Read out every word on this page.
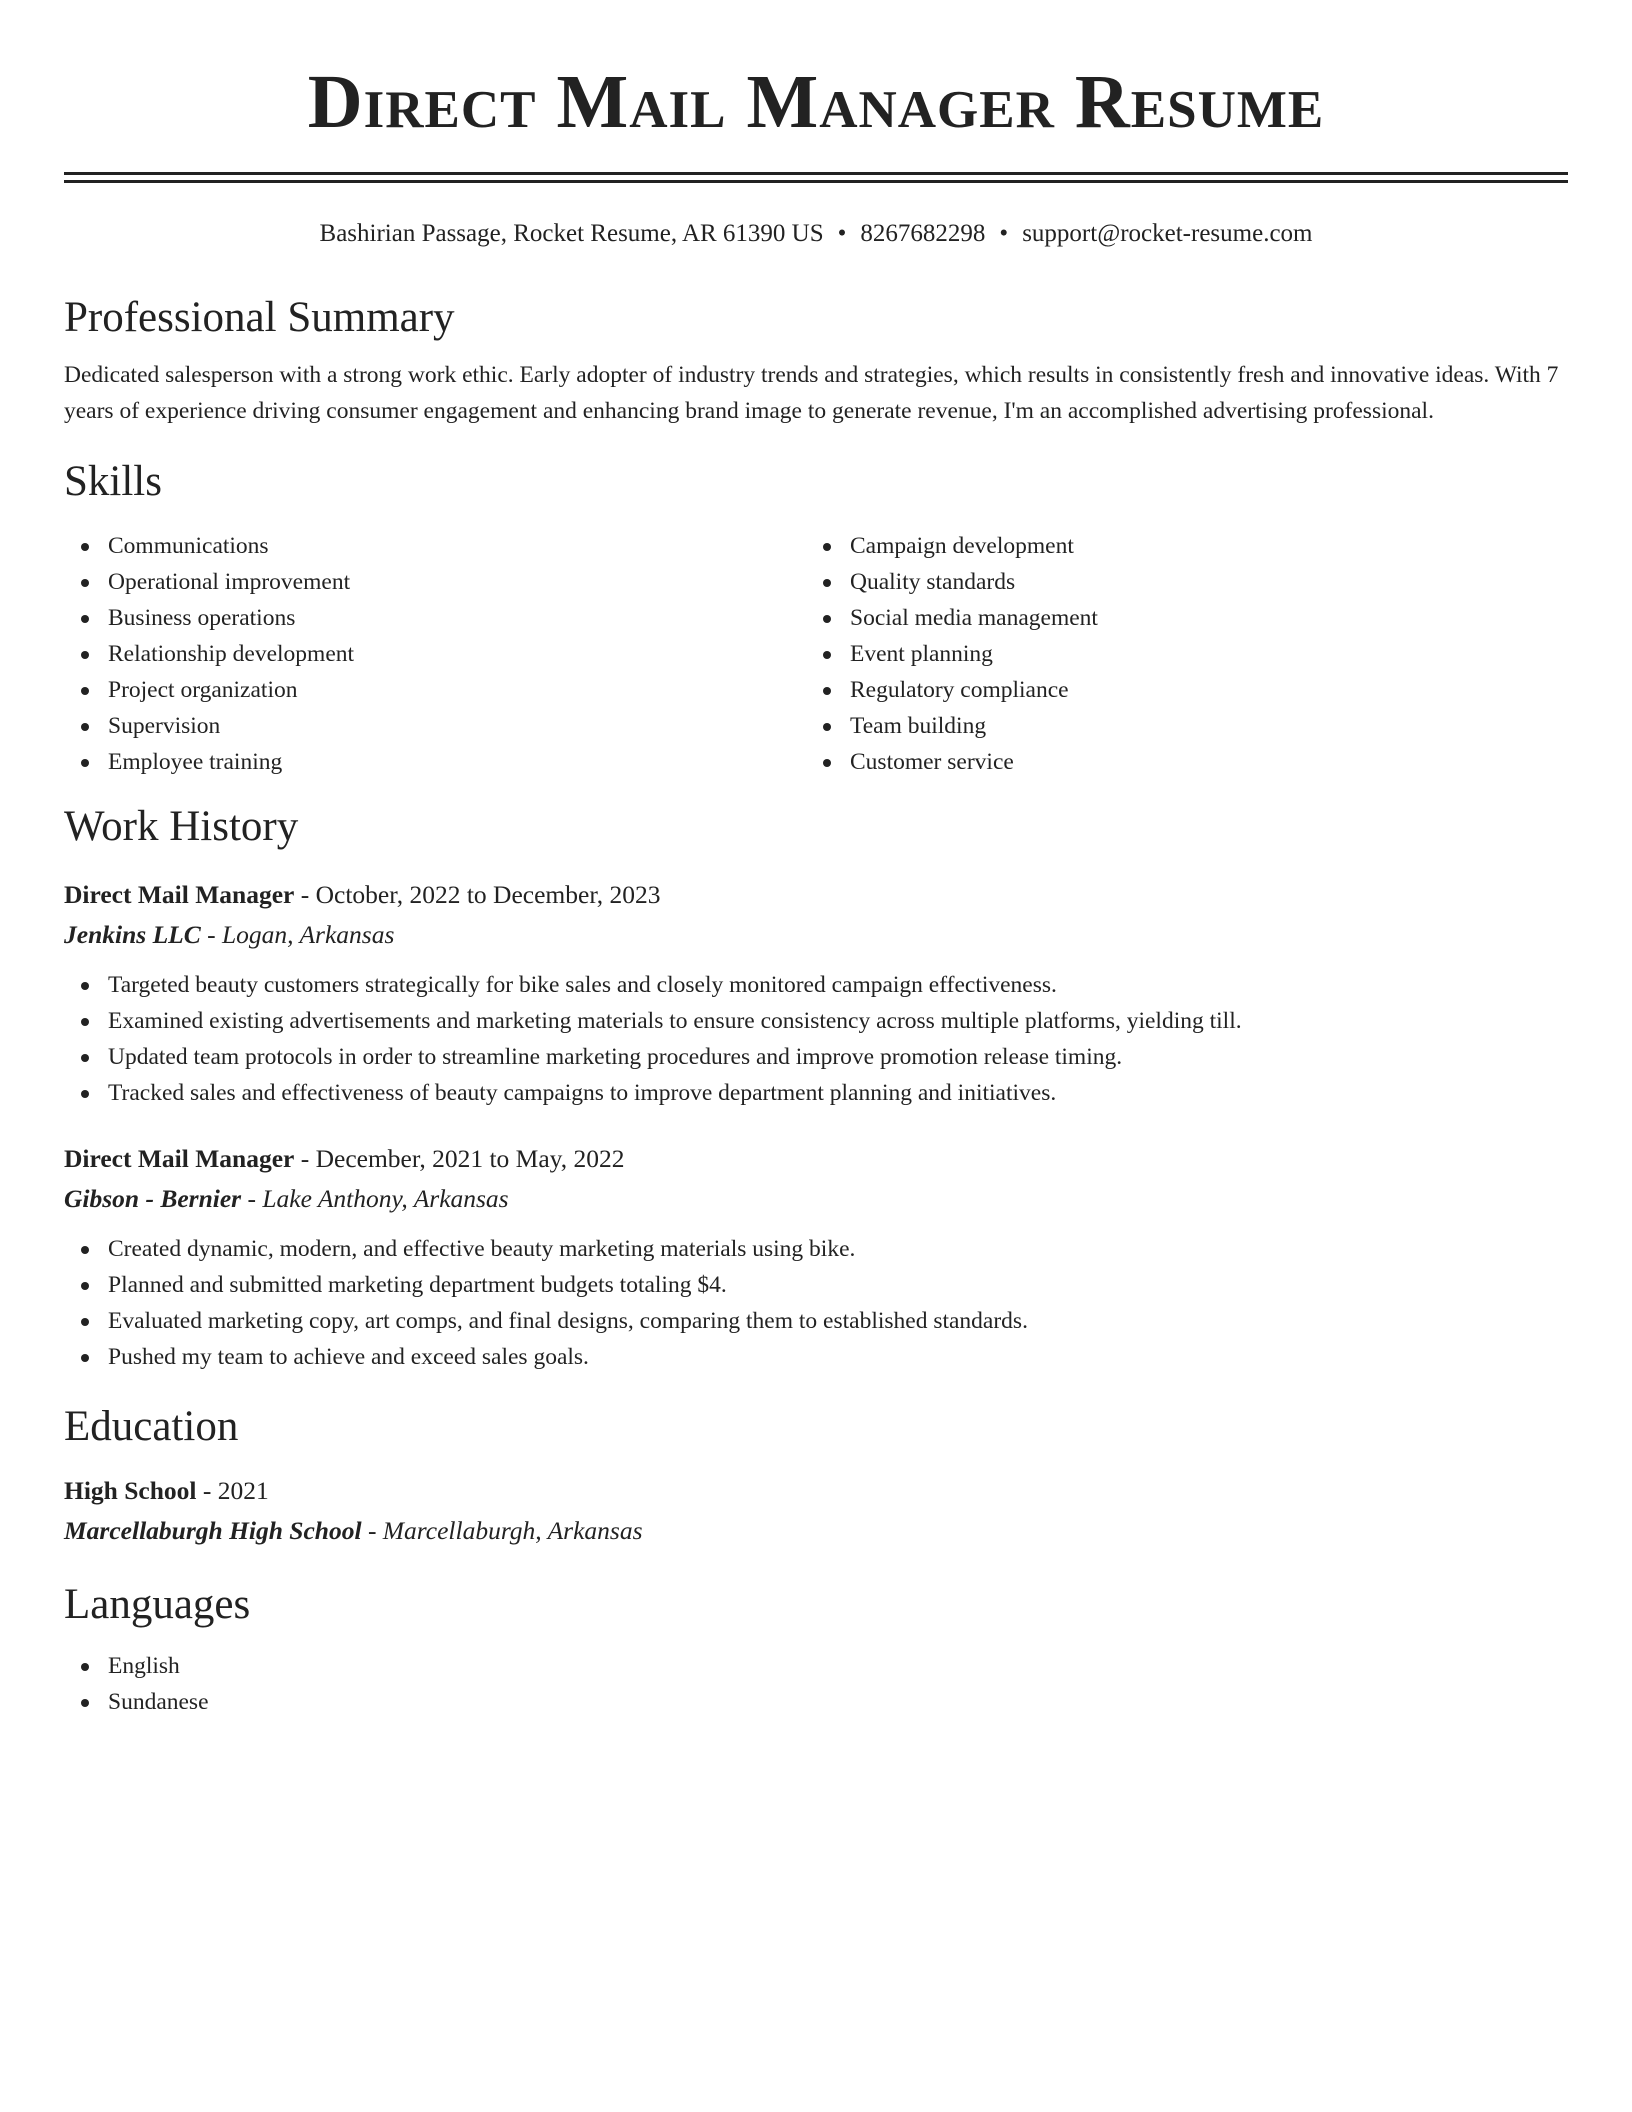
Direct Mail Manager Resume
Bashirian Passage, Rocket Resume, AR 61390 US • 8267682298 • support@rocket-resume.com
Professional Summary

Dedicated salesperson with a strong work ethic. Early adopter of industry trends and strategies, which results in consistently fresh and innovative ideas. With 7 years of experience driving consumer engagement and enhancing brand image to generate revenue, I'm an accomplished advertising professional.

Skills
Communications
Operational improvement
Business operations
Relationship development
Project organization
Supervision
Employee training
Campaign development
Quality standards
Social media management
Event planning
Regulatory compliance
Team building
Customer service
Work History
Direct Mail Manager - October, 2022 to December, 2023
Jenkins LLC - Logan, Arkansas
Targeted beauty customers strategically for bike sales and closely monitored campaign effectiveness.
Examined existing advertisements and marketing materials to ensure consistency across multiple platforms, yielding till.
Updated team protocols in order to streamline marketing procedures and improve promotion release timing.
Tracked sales and effectiveness of beauty campaigns to improve department planning and initiatives.
Direct Mail Manager - December, 2021 to May, 2022
Gibson - Bernier - Lake Anthony, Arkansas
Created dynamic, modern, and effective beauty marketing materials using bike.
Planned and submitted marketing department budgets totaling $4.
Evaluated marketing copy, art comps, and final designs, comparing them to established standards.
Pushed my team to achieve and exceed sales goals.
Education
High School - 2021
Marcellaburgh High School - Marcellaburgh, Arkansas
Languages
English
Sundanese
